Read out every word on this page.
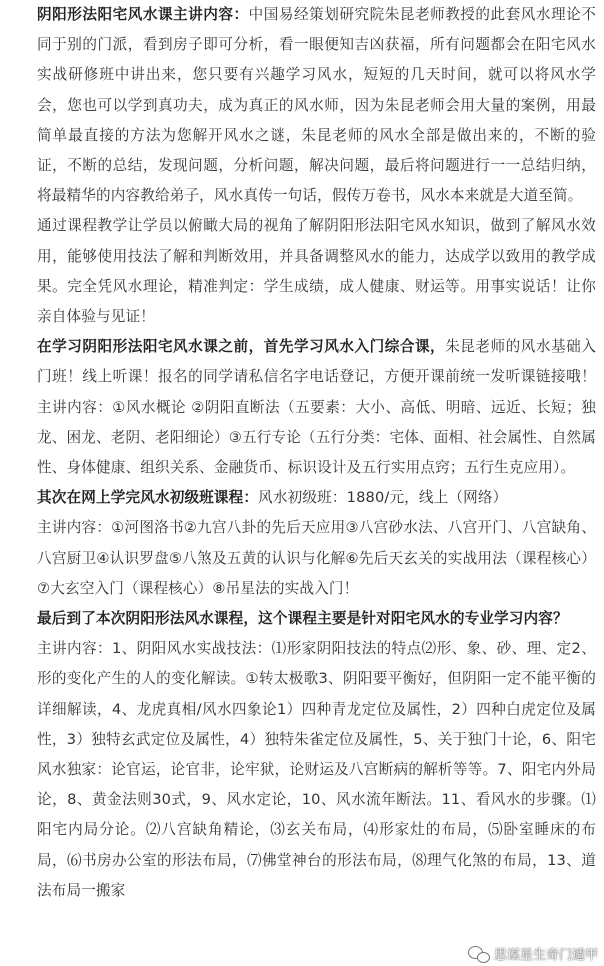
阴阳形法阳宅风水课主讲内容：中国易经策划研究院朱昆老师教授的此套风水理论不同于别的门派，看到房子即可分析，看一眼便知吉凶获福，所有问题都会在阳宅风水实战研修班中讲出来，您只要有兴趣学习风水，短短的几天时间，就可以将风水学会，您也可以学到真功夫，成为真正的风水师，因为朱昆老师会用大量的案例，用最简单最直接的方法为您解开风水之谜，朱昆老师的风水全部是做出来的，不断的验证，不断的总结，发现问题，分析问题，解决问题，最后将问题进行一一总结归纳，将最精华的内容教给弟子，风水真传一句话，假传万卷书，风水本来就是大道至简。

通过课程教学让学员以俯瞰大局的视角了解阴阳形法阳宅风水知识，做到了解风水效用，能够使用技法了解和判断效用，并具备调整风水的能力，达成学以致用的教学成果。完全凭风水理论，精准判定：学生成绩，成人健康、财运等。用事实说话！让你亲自体验与见证！

在学习阴阳形法阳宅风水课之前，首先学习风水入门综合课，朱昆老师的风水基础入门班！线上听课！报名的同学请私信名字电话登记，方便开课前统一发听课链接哦！主讲内容：①风水概论 ②阴阳直断法（五要素：大小、高低、明暗、远近、长短；独龙、困龙、老阴、老阳细论）③五行专论（五行分类：宅体、面相、社会属性、自然属性、身体健康、组织关系、金融货币、标识设计及五行实用点窍；五行生克应用）。

其次在网上学完风水初级班课程：风水初级班：1880/元，线上（网络）

主讲内容：①河图洛书②九宫八卦的先后天应用③八宫砂水法、八宫开门、八宫缺角、八宫厨卫④认识罗盘⑤八煞及五黄的认识与化解⑥先后天玄关的实战用法（课程核心）⑦大玄空入门（课程核心）⑧吊星法的实战入门！

最后到了本次阴阳形法风水课程，这个课程主要是针对阳宅风水的专业学习内容？

主讲内容：1、阴阳风水实战技法：⑴形家阴阳技法的特点⑵形、象、砂、理、定2、形的变化产生的人的变化解读。①转太极歌3、阴阳要平衡好，但阴阳一定不能平衡的详细解读，4、龙虎真相/风水四象论1）四种青龙定位及属性，2）四种白虎定位及属性，3）独特玄武定位及属性，4）独特朱雀定位及属性，5、关于独门十论，6、阳宅风水独家：论官运，论官非，论牢狱，论财运及八宫断病的解析等等。7、阳宅内外局论，8、黄金法则30式，9、风水定论，10、风水流年断法。11、看风水的步骤。⑴阳宅内局分论。⑵八宫缺角精论，⑶玄关布局，⑷形家灶的布局，⑸卧室睡床的布局，⑹书房办公室的形法布局，⑺佛堂神台的形法布局，⑻理气化煞的布局，13、道法布局一搬家

思谋星生奇门遁甲
